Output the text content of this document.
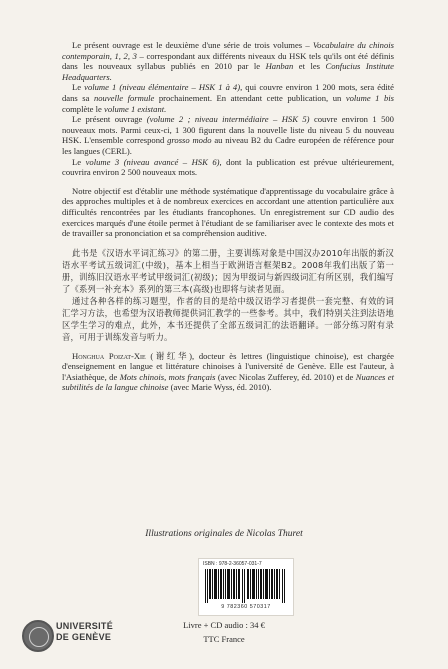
Le présent ouvrage est le deuxième d'une série de trois volumes – Vocabulaire du chinois contemporain, 1, 2, 3 – correspondant aux différents niveaux du HSK tels qu'ils ont été définis dans les nouveaux syllabus publiés en 2010 par le Hanban et les Confucius Institute Headquarters.

Le volume 1 (niveau élémentaire – HSK 1 à 4), qui couvre environ 1 200 mots, sera édité dans sa nouvelle formule prochainement. En attendant cette publication, un volume 1 bis complète le volume 1 existant.

Le présent ouvrage (volume 2 ; niveau intermédiaire – HSK 5) couvre environ 1 500 nouveaux mots. Parmi ceux-ci, 1 300 figurent dans la nouvelle liste du niveau 5 du nouveau HSK. L'ensemble correspond grosso modo au niveau B2 du Cadre européen de référence pour les langues (CERL).

Le volume 3 (niveau avancé – HSK 6), dont la publication est prévue ultérieurement, couvrira environ 2 500 nouveaux mots.

Notre objectif est d'établir une méthode systématique d'apprentissage du vocabulaire grâce à des approches multiples et à de nombreux exercices en accordant une attention particulière aux difficultés rencontrées par les étudiants francophones. Un enregistrement sur CD audio des exercices marqués d'une étoile permet à l'étudiant de se familiariser avec le contexte des mots et de travailler sa prononciation et sa compréhension auditive.

此书是《汉语水平词汇练习》的第二册，主要训练对象是中国汉办2010年出版的新汉语水平考试五级词汇(中级)，基本上相当于欧洲语言框架B2。2008年我们出版了第一册，训练旧汉语水平考试甲级词汇(初级)；因为甲级词与新四级词汇有所区别，我们编写了《系列一补充本》系列的第三本(高级)也即将与读者见面。

通过各种各样的练习题型，作者的目的是给中级汉语学习者提供一套完整、有效的词汇学习方法，也希望为汉语教师提供词汇教学的一些参考。其中，我们特别关注到法语地区学生学习的难点，此外，本书还提供了全部五级词汇的法语翻译。一部分练习附有录音，可用于训练发音与听力。

Honghua Poizat-Xie (谢红华), docteur ès lettres (linguistique chinoise), est chargée d'enseignement en langue et littérature chinoises à l'université de Genève. Elle est l'auteur, à l'Asiathèque, de Mots chinois, mots français (avec Nicolas Zufferey, éd. 2010) et de Nuances et subtilités de la langue chinoise (avec Marie Wyss, éd. 2010).

Illustrations originales de Nicolas Thuret
ISBN : 978-2-36057-031-7
9 782360 570317
Livre + CD audio : 34 €
TTC France
UNIVERSITÉ
DE GENÈVE
